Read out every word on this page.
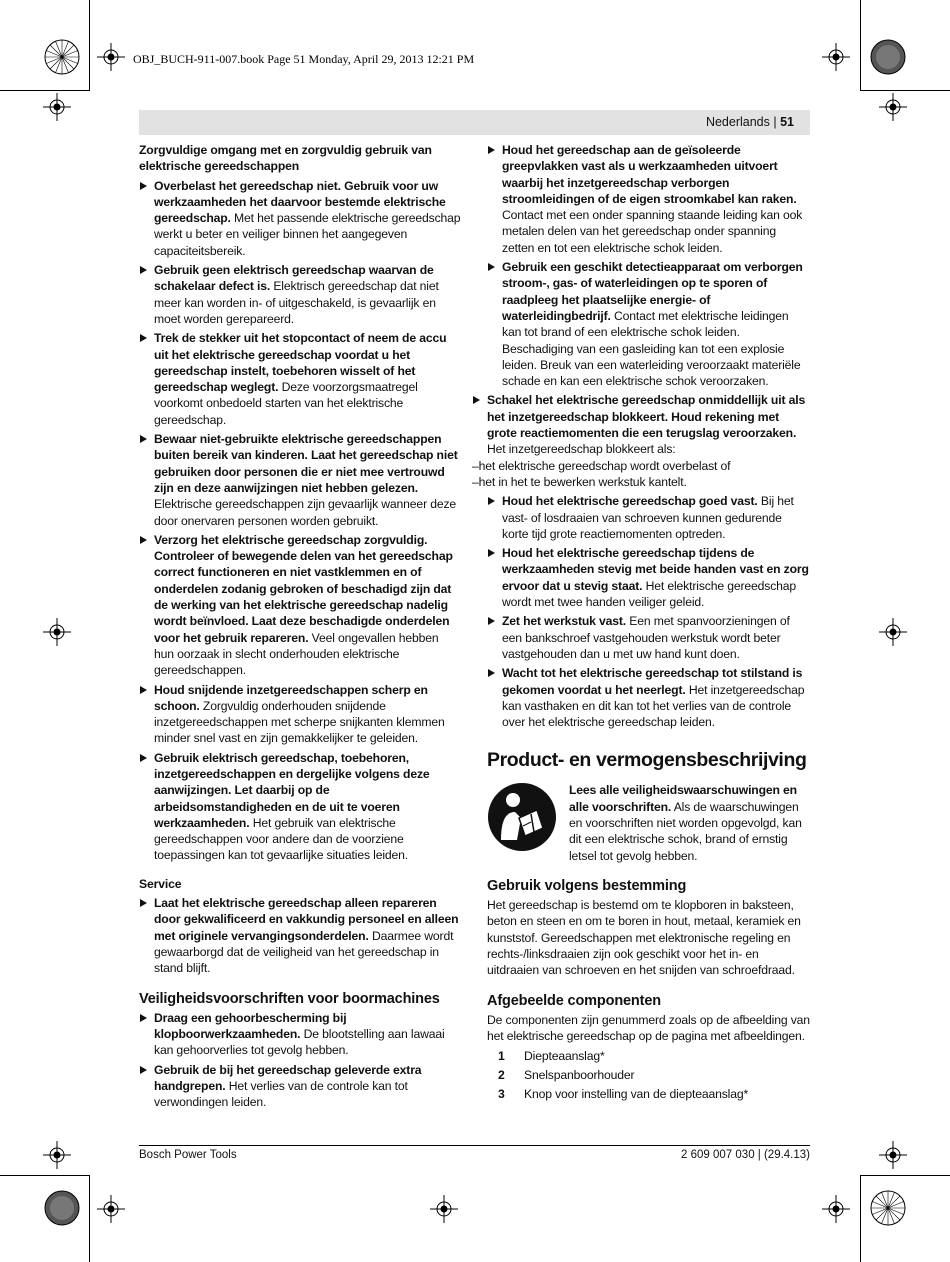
OBJ_BUCH-911-007.book Page 51 Monday, April 29, 2013 12:21 PM
Nederlands | 51
Zorgvuldige omgang met en zorgvuldig gebruik van elektrische gereedschappen
Overbelast het gereedschap niet. Gebruik voor uw werkzaamheden het daarvoor bestemde elektrische gereedschap. Met het passende elektrische gereedschap werkt u beter en veiliger binnen het aangegeven capaciteitsbereik.
Gebruik geen elektrisch gereedschap waarvan de schakelaar defect is. Elektrisch gereedschap dat niet meer kan worden in- of uitgeschakeld, is gevaarlijk en moet worden gerepareerd.
Trek de stekker uit het stopcontact of neem de accu uit het elektrische gereedschap voordat u het gereedschap instelt, toebehoren wisselt of het gereedschap weglegt. Deze voorzorgsmaatregel voorkomt onbedoeld starten van het elektrische gereedschap.
Bewaar niet-gebruikte elektrische gereedschappen buiten bereik van kinderen. Laat het gereedschap niet gebruiken door personen die er niet mee vertrouwd zijn en deze aanwijzingen niet hebben gelezen. Elektrische gereedschappen zijn gevaarlijk wanneer deze door onervaren personen worden gebruikt.
Verzorg het elektrische gereedschap zorgvuldig. Controleer of bewegende delen van het gereedschap correct functioneren en niet vastklemmen en of onderdelen zodanig gebroken of beschadigd zijn dat de werking van het elektrische gereedschap nadelig wordt beïnvloed. Laat deze beschadigde onderdelen voor het gebruik repareren. Veel ongevallen hebben hun oorzaak in slecht onderhouden elektrische gereedschappen.
Houd snijdende inzetgereedschappen scherp en schoon. Zorgvuldig onderhouden snijdende inzetgereedschappen met scherpe snijkanten klemmen minder snel vast en zijn gemakkelijker te geleiden.
Gebruik elektrisch gereedschap, toebehoren, inzetgereedschappen en dergelijke volgens deze aanwijzingen. Let daarbij op de arbeidsomstandigheden en de uit te voeren werkzaamheden. Het gebruik van elektrische gereedschappen voor andere dan de voorziene toepassingen kan tot gevaarlijke situaties leiden.
Service
Laat het elektrische gereedschap alleen repareren door gekwalificeerd en vakkundig personeel en alleen met originele vervangingsonderdelen. Daarmee wordt gewaarborgd dat de veiligheid van het gereedschap in stand blijft.
Veiligheidsvoorschriften voor boormachines
Draag een gehoorbescherming bij klopboorwerkzaamheden. De blootstelling aan lawaai kan gehoorverlies tot gevolg hebben.
Gebruik de bij het gereedschap geleverde extra handgrepen. Het verlies van de controle kan tot verwondingen leiden.
Houd het gereedschap aan de geïsoleerde greepvlakken vast als u werkzaamheden uitvoert waarbij het inzetgereedschap verborgen stroomleidingen of de eigen stroomkabel kan raken. Contact met een onder spanning staande leiding kan ook metalen delen van het gereedschap onder spanning zetten en tot een elektrische schok leiden.
Gebruik een geschikt detectieapparaat om verborgen stroom-, gas- of waterleidingen op te sporen of raadpleeg het plaatselijke energie- of waterleidingbedrijf. Contact met elektrische leidingen kan tot brand of een elektrische schok leiden. Beschadiging van een gasleiding kan tot een explosie leiden. Breuk van een waterleiding veroorzaakt materiële schade en kan een elektrische schok veroorzaken.
Schakel het elektrische gereedschap onmiddellijk uit als het inzetgereedschap blokkeert. Houd rekening met grote reactiemomenten die een terugslag veroorzaken. Het inzetgereedschap blokkeert als:
–het elektrische gereedschap wordt overbelast of
–het in het te bewerken werkstuk kantelt.
Houd het elektrische gereedschap goed vast. Bij het vast- of losdraaien van schroeven kunnen gedurende korte tijd grote reactiemomenten optreden.
Houd het elektrische gereedschap tijdens de werkzaamheden stevig met beide handen vast en zorg ervoor dat u stevig staat. Het elektrische gereedschap wordt met twee handen veiliger geleid.
Zet het werkstuk vast. Een met spanvoorzieningen of een bankschroef vastgehouden werkstuk wordt beter vastgehouden dan u met uw hand kunt doen.
Wacht tot het elektrische gereedschap tot stilstand is gekomen voordat u het neerlegt. Het inzetgereedschap kan vasthaken en dit kan tot het verlies van de controle over het elektrische gereedschap leiden.
Product- en vermogensbeschrijving
Lees alle veiligheidswaarschuwingen en alle voorschriften. Als de waarschuwingen en voorschriften niet worden opgevolgd, kan dit een elektrische schok, brand of ernstig letsel tot gevolg hebben.
Gebruik volgens bestemming
Het gereedschap is bestemd om te klopboren in baksteen, beton en steen en om te boren in hout, metaal, keramiek en kunststof. Gereedschappen met elektronische regeling en rechts-/linksdraaien zijn ook geschikt voor het in- en uitdraaien van schroeven en het snijden van schroefdraad.
Afgebeelde componenten
De componenten zijn genummerd zoals op de afbeelding van het elektrische gereedschap op de pagina met afbeeldingen.
1	Diepteaanslag*
2	Snelspanboorhouder
3	Knop voor instelling van de diepteaanslag*
Bosch Power Tools	2 609 007 030 | (29.4.13)
